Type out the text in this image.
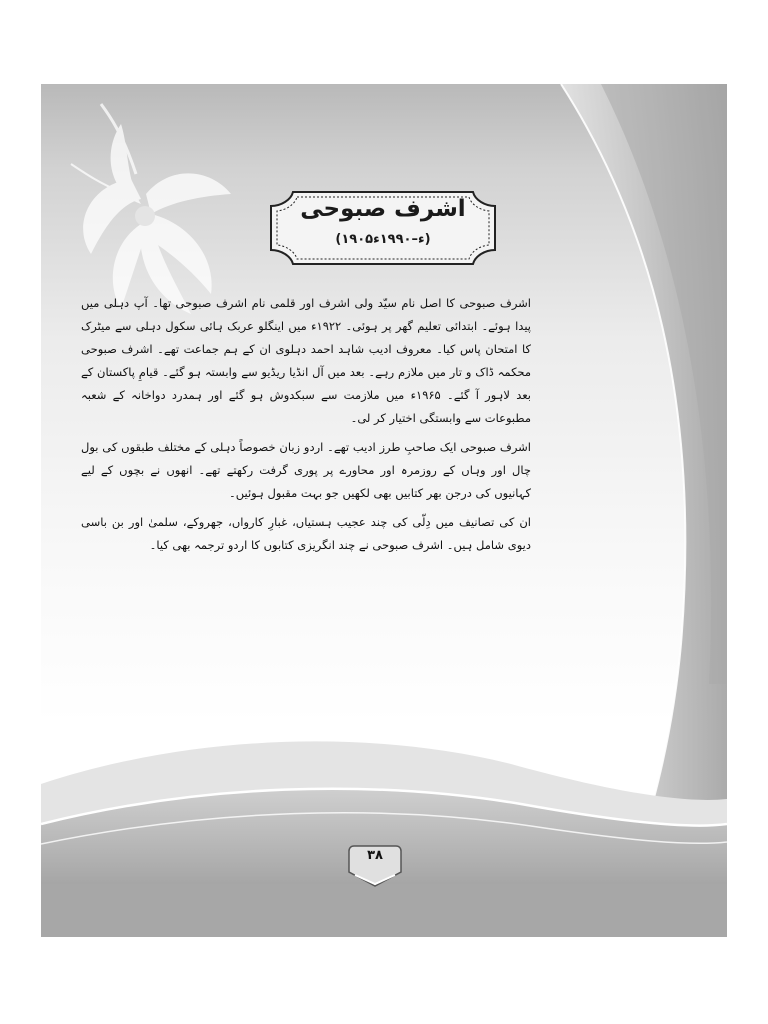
اشرف صبوحی
(۱۹۰۵ء–۱۹۹۰ء)

اشرف صبوحی کا اصل نام سیّد ولی اشرف اور قلمی نام اشرف صبوحی تھا۔ آپ دہلی میں پیدا ہوئے۔ ابتدائی تعلیم گھر پر ہوئی۔ ۱۹۲۲ء میں اینگلو عربک ہائی سکول دہلی سے میٹرک کا امتحان پاس کیا۔ معروف ادیب شاہد احمد دہلوی ان کے ہم جماعت تھے۔ اشرف صبوحی محکمہ ڈاک و تار میں ملازم رہے۔ بعد میں آل انڈیا ریڈیو سے وابستہ ہو گئے۔ قیامِ پاکستان کے بعد لاہور آ گئے۔ ۱۹۶۵ء میں ملازمت سے سبکدوش ہو گئے اور ہمدرد دواخانہ کے شعبہ مطبوعات سے وابستگی اختیار کر لی۔

اشرف صبوحی ایک صاحبِ طرز ادیب تھے۔ اردو زبان خصوصاً دہلی کے مختلف طبقوں کی بول چال اور وہاں کے روزمرہ اور محاورے پر پوری گرفت رکھتے تھے۔ انھوں نے بچوں کے لیے کہانیوں کی درجن بھر کتابیں بھی لکھیں جو بہت مقبول ہوئیں۔

ان کی تصانیف میں دِلّی کی چند عجیب ہستیاں، غبارِ کارواں، جھروکے، سلمیٰ اور بن باسی دیوی شامل ہیں۔ اشرف صبوحی نے چند انگریزی کتابوں کا اردو ترجمہ بھی کیا۔

۳۸
